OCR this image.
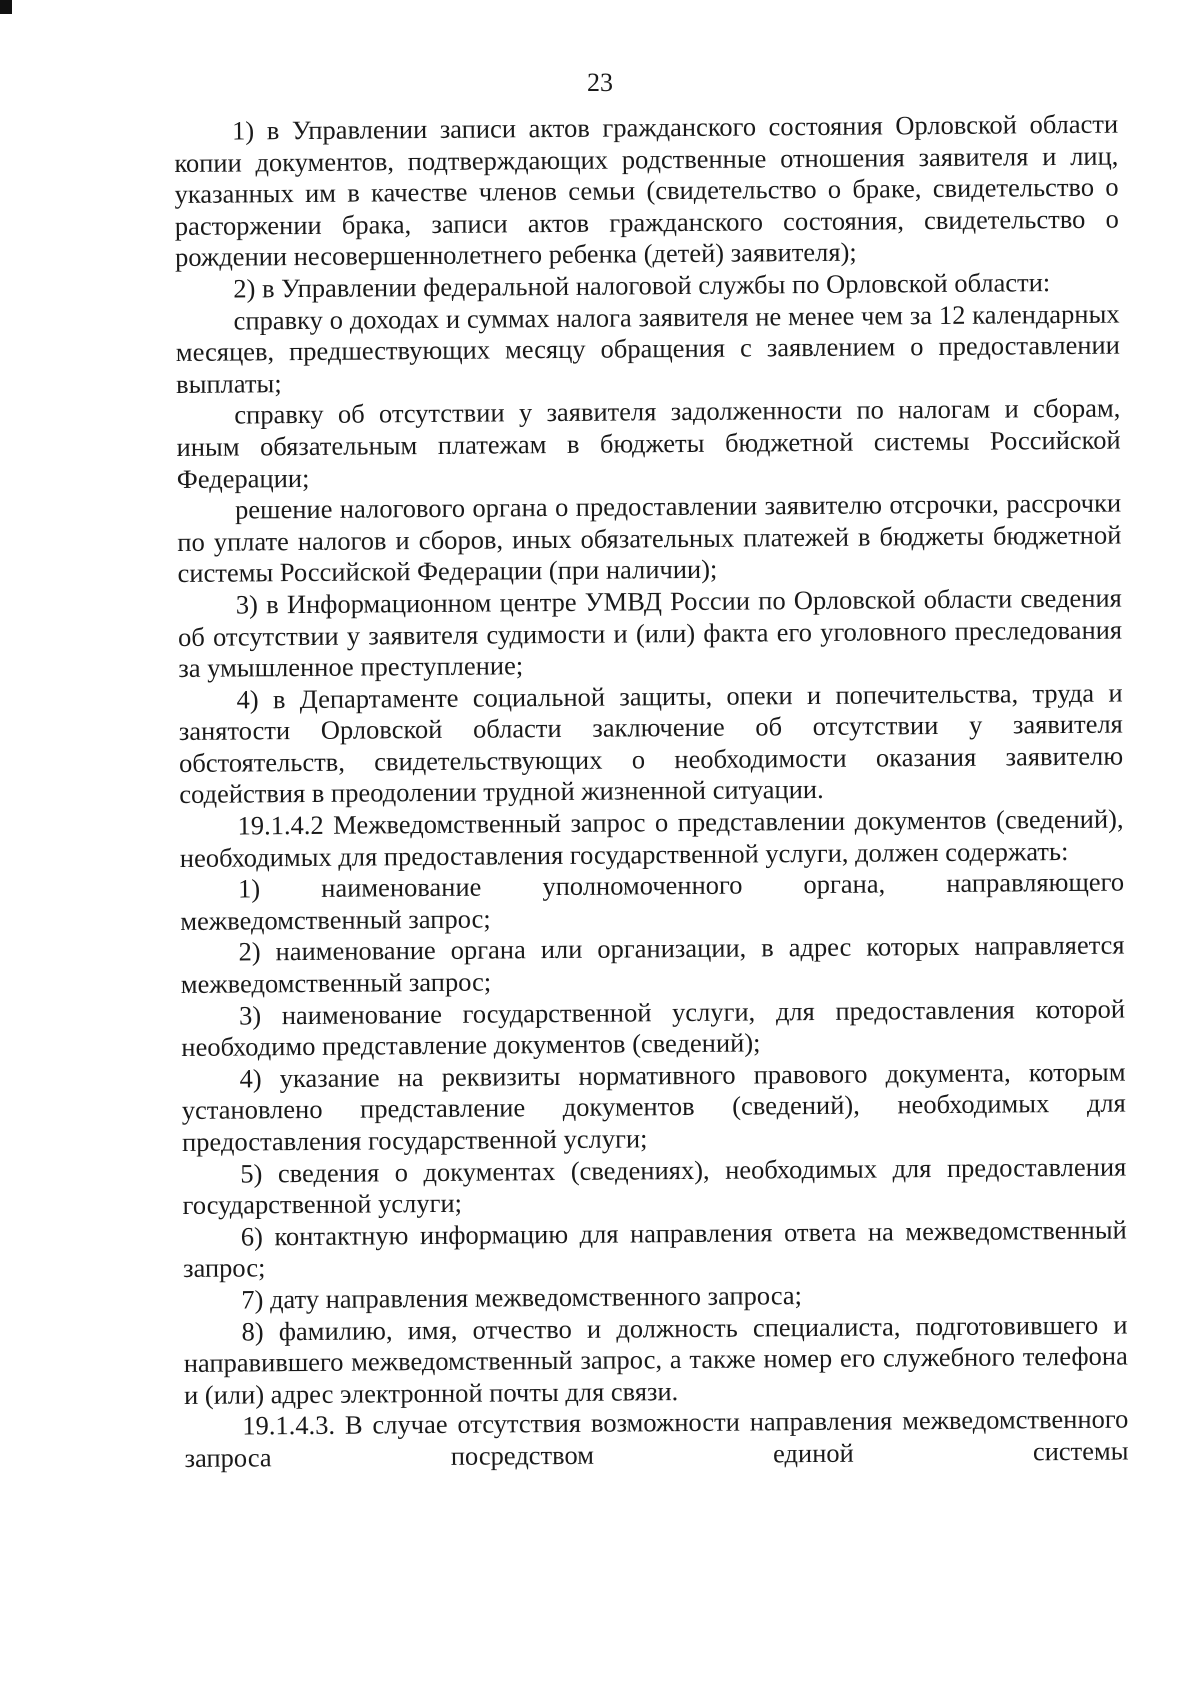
23

1) в Управлении записи актов гражданского состояния Орловской области копии документов, подтверждающих родственные отношения заявителя и лиц, указанных им в качестве членов семьи (свидетельство о браке, свидетельство о расторжении брака, записи актов гражданского состояния, свидетельство о рождении несовершеннолетнего ребенка (детей) заявителя);

2) в Управлении федеральной налоговой службы по Орловской области:

справку о доходах и суммах налога заявителя не менее чем за 12 календарных месяцев, предшествующих месяцу обращения с заявлением о предоставлении выплаты;

справку об отсутствии у заявителя задолженности по налогам и сборам, иным обязательным платежам в бюджеты бюджетной системы Российской Федерации;

решение налогового органа о предоставлении заявителю отсрочки, рассрочки по уплате налогов и сборов, иных обязательных платежей в бюджеты бюджетной системы Российской Федерации (при наличии);

3) в Информационном центре УМВД России по Орловской области сведения об отсутствии у заявителя судимости и (или) факта его уголовного преследования за умышленное преступление;

4) в Департаменте социальной защиты, опеки и попечительства, труда и занятости Орловской области заключение об отсутствии у заявителя обстоятельств, свидетельствующих о необходимости оказания заявителю содействия в преодолении трудной жизненной ситуации.

19.1.4.2 Межведомственный запрос о представлении документов (сведений), необходимых для предоставления государственной услуги, должен содержать:

1) наименование уполномоченного органа, направляющего межведомственный запрос;

2) наименование органа или организации, в адрес которых направляется межведомственный запрос;

3) наименование государственной услуги, для предоставления которой необходимо представление документов (сведений);

4) указание на реквизиты нормативного правового документа, которым установлено представление документов (сведений), необходимых для предоставления государственной услуги;

5) сведения о документах (сведениях), необходимых для предоставления государственной услуги;

6) контактную информацию для направления ответа на межведомственный запрос;

7) дату направления межведомственного запроса;

8) фамилию, имя, отчество и должность специалиста, подготовившего и направившего межведомственный запрос, а также номер его служебного телефона и (или) адрес электронной почты для связи.

19.1.4.3. В случае отсутствия возможности направления межведомственного запроса посредством единой системы
